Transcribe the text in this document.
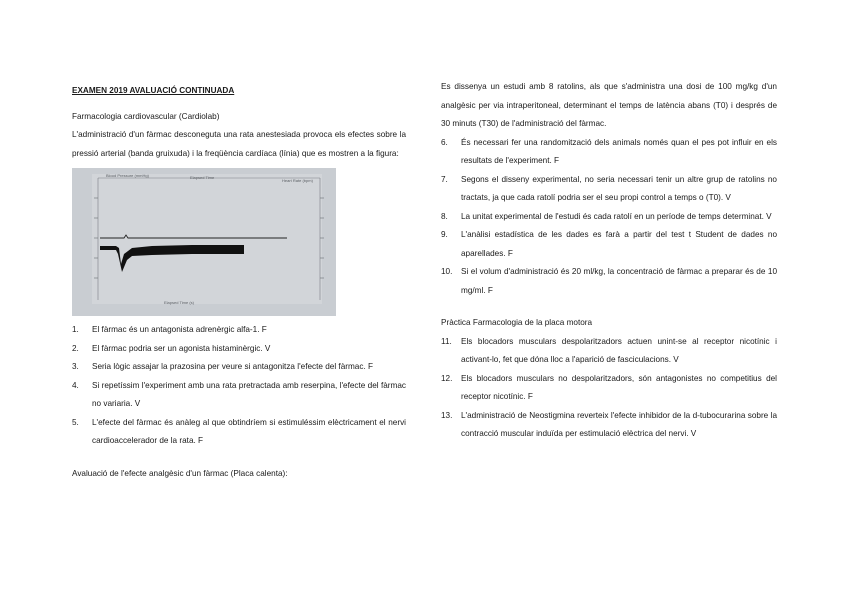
EXAMEN 2019 AVALUACIÓ CONTINUADA

Farmacologia cardiovascular (Cardiolab)

L'administració d'un fàrmac desconeguta una rata anestesiada provoca els efectes sobre la pressió arterial (banda gruixuda) i la freqüència cardíaca (línia) que es mostren a la figura:

Blood Pressure (mmHg)	Elapsed Time
Heart Rate (bpm)
Elapsed Time (s)
1. El fàrmac és un antagonista adrenèrgic alfa-1. F
2. El fàrmac podria ser un agonista histaminèrgic. V
3. Seria lògic assajar la prazosina per veure si antagonitza l'efecte del fàrmac. F
4. Si repetíssim l'experiment amb una rata pretractada amb reserpina, l'efecte del fàrmac no variaria. V
5. L'efecte del fàrmac és anàleg al que obtindríem si estimuléssim elèctricament el nervi cardioaccelerador de la rata. F

Avaluació de l'efecte analgèsic d'un fàrmac (Placa calenta):

Es dissenya un estudi amb 8 ratolins, als que s'administra una dosi de 100 mg/kg d'un analgèsic per via intraperitoneal, determinant el temps de latència abans (T0) i després de 30 minuts (T30) de l'administració del fàrmac.

6. És necessari fer una randomització dels animals només quan el pes pot influir en els resultats de l'experiment. F
7. Segons el disseny experimental, no seria necessari tenir un altre grup de ratolins no tractats, ja que cada ratolí podria ser el seu propi control a temps o (T0). V
8. La unitat experimental de l'estudi és cada ratolí en un període de temps determinat. V
9. L'anàlisi estadística de les dades es farà a partir del test t Student de dades no aparellades. F
10. Si el volum d'administració és 20 ml/kg, la concentració de fàrmac a preparar és de 10 mg/ml. F

Pràctica Farmacologia de la placa motora

11. Els blocadors musculars despolaritzadors actuen unint-se al receptor nicotínic i activant-lo, fet que dóna lloc a l'aparició de fasciculacions. V
12. Els blocadors musculars no despolaritzadors, són antagonistes no competitius del receptor nicotínic. F
13. L'administració de Neostigmina reverteix l'efecte inhibidor de la d-tubocurarina sobre la contracció muscular induïda per estimulació elèctrica del nervi. V
